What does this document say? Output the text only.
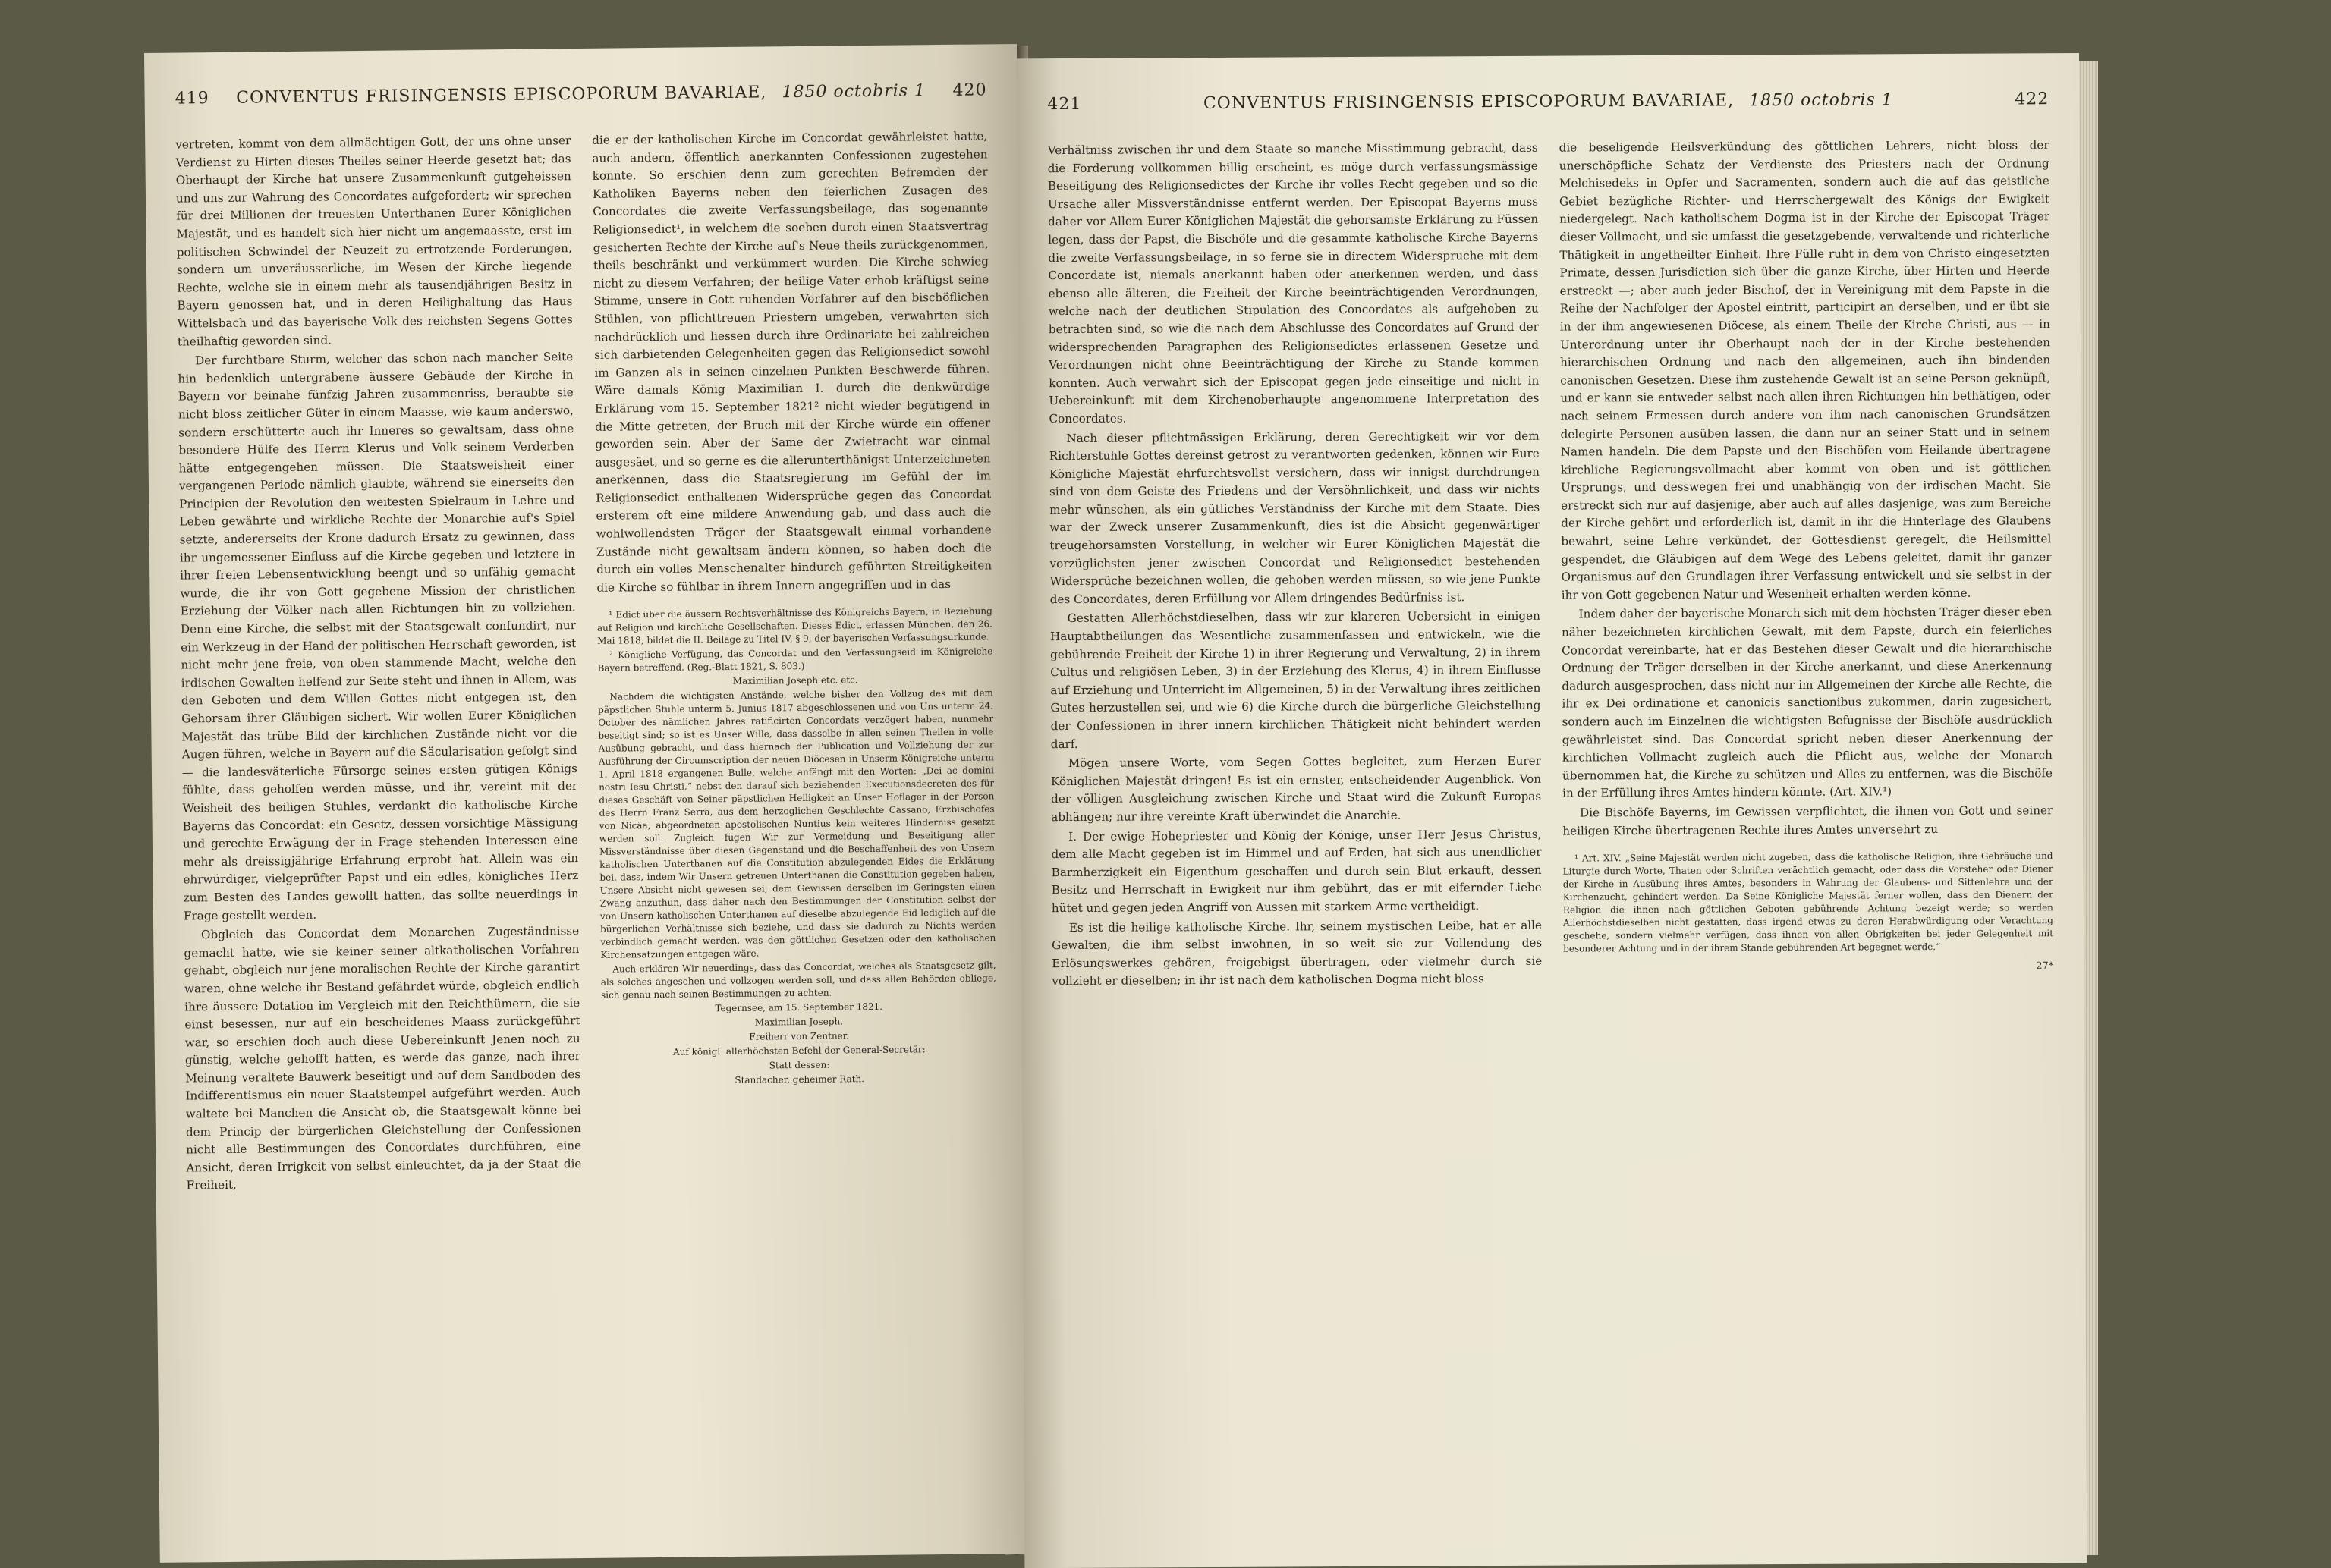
419 CONVENTUS FRISINGENSIS EPISCOPORUM BAVARIAE, 1850 octobris 1 420

vertreten, kommt von dem allmächtigen Gott, der uns ohne unser Verdienst zu Hirten dieses Theiles seiner Heerde gesetzt hat; das Oberhaupt der Kirche hat unsere Zusammenkunft gutgeheissen und uns zur Wahrung des Concordates aufgefordert; wir sprechen für drei Millionen der treuesten Unterthanen Eurer Königlichen Majestät, und es handelt sich hier nicht um angemaasste, erst im politischen Schwindel der Neuzeit zu ertrotzende Forderungen, sondern um unveräusserliche, im Wesen der Kirche liegende Rechte, welche sie in einem mehr als tausendjährigen Besitz in Bayern genossen hat, und in deren Heilighaltung das Haus Wittelsbach und das bayerische Volk des reichsten Segens Gottes theilhaftig geworden sind.

Der furchtbare Sturm, welcher das schon nach mancher Seite hin bedenklich untergrabene äussere Gebäude der Kirche in Bayern vor beinahe fünfzig Jahren zusammenriss, beraubte sie nicht bloss zeitlicher Güter in einem Maasse, wie kaum anderswo, sondern erschütterte auch ihr Inneres so gewaltsam, dass ohne besondere Hülfe des Herrn Klerus und Volk seinem Verderben hätte entgegengehen müssen. Die Staatsweisheit einer vergangenen Periode nämlich glaubte, während sie einerseits den Principien der Revolution den weitesten Spielraum in Lehre und Leben gewährte und wirkliche Rechte der Monarchie auf's Spiel setzte, andererseits der Krone dadurch Ersatz zu gewinnen, dass ihr ungemessener Einfluss auf die Kirche gegeben und letztere in ihrer freien Lebensentwicklung beengt und so unfähig gemacht wurde, die ihr von Gott gegebene Mission der christlichen Erziehung der Völker nach allen Richtungen hin zu vollziehen. Denn eine Kirche, die selbst mit der Staatsgewalt confundirt, nur ein Werkzeug in der Hand der politischen Herrschaft geworden, ist nicht mehr jene freie, von oben stammende Macht, welche den irdischen Gewalten helfend zur Seite steht und ihnen in Allem, was den Geboten und dem Willen Gottes nicht entgegen ist, den Gehorsam ihrer Gläubigen sichert. Wir wollen Eurer Königlichen Majestät das trübe Bild der kirchlichen Zustände nicht vor die Augen führen, welche in Bayern auf die Säcularisation gefolgt sind — die landesväterliche Fürsorge seines ersten gütigen Königs fühlte, dass geholfen werden müsse, und ihr, vereint mit der Weisheit des heiligen Stuhles, verdankt die katholische Kirche Bayerns das Concordat: ein Gesetz, dessen vorsichtige Mässigung und gerechte Erwägung der in Frage stehenden Interessen eine mehr als dreissigjährige Erfahrung erprobt hat. Allein was ein ehrwürdiger, vielgeprüfter Papst und ein edles, königliches Herz zum Besten des Landes gewollt hatten, das sollte neuerdings in Frage gestellt werden.

Obgleich das Concordat dem Monarchen Zugeständnisse gemacht hatte, wie sie keiner seiner altkatholischen Vorfahren gehabt, obgleich nur jene moralischen Rechte der Kirche garantirt waren, ohne welche ihr Bestand gefährdet würde, obgleich endlich ihre äussere Dotation im Vergleich mit den Reichthümern, die sie einst besessen, nur auf ein bescheidenes Maass zurückgeführt war, so erschien doch auch diese Uebereinkunft Jenen noch zu günstig, welche gehofft hatten, es werde das ganze, nach ihrer Meinung veraltete Bauwerk beseitigt und auf dem Sandboden des Indifferentismus ein neuer Staatstempel aufgeführt werden. Auch waltete bei Manchen die Ansicht ob, die Staatsgewalt könne bei dem Princip der bürgerlichen Gleichstellung der Confessionen nicht alle Bestimmungen des Concordates durchführen, eine Ansicht, deren Irrigkeit von selbst einleuchtet, da ja der Staat die Freiheit,

die er der katholischen Kirche im Concordat gewährleistet hatte, auch andern, öffentlich anerkannten Confessionen zugestehen konnte. So erschien denn zum gerechten Befremden der Katholiken Bayerns neben den feierlichen Zusagen des Concordates die zweite Verfassungsbeilage, das sogenannte Religionsedict¹, in welchem die soeben durch einen Staatsvertrag gesicherten Rechte der Kirche auf's Neue theils zurückgenommen, theils beschränkt und verkümmert wurden. Die Kirche schwieg nicht zu diesem Verfahren; der heilige Vater erhob kräftigst seine Stimme, unsere in Gott ruhenden Vorfahrer auf den bischöflichen Stühlen, von pflichttreuen Priestern umgeben, verwahrten sich nachdrücklich und liessen durch ihre Ordinariate bei zahlreichen sich darbietenden Gelegenheiten gegen das Religionsedict sowohl im Ganzen als in seinen einzelnen Punkten Beschwerde führen. Wäre damals König Maximilian I. durch die denkwürdige Erklärung vom 15. September 1821² nicht wieder begütigend in die Mitte getreten, der Bruch mit der Kirche würde ein offener geworden sein. Aber der Same der Zwietracht war einmal ausgesäet, und so gerne es die allerunterthänigst Unterzeichneten anerkennen, dass die Staatsregierung im Gefühl der im Religionsedict enthaltenen Widersprüche gegen das Concordat ersterem oft eine mildere Anwendung gab, und dass auch die wohlwollendsten Träger der Staatsgewalt einmal vorhandene Zustände nicht gewaltsam ändern können, so haben doch die durch ein volles Menschenalter hindurch geführten Streitigkeiten die Kirche so fühlbar in ihrem Innern angegriffen und in das

¹ Edict über die äussern Rechtsverhältnisse des Königreichs Bayern, in Beziehung auf Religion und kirchliche Gesellschaften. Dieses Edict, erlassen München, den 26. Mai 1818, bildet die II. Beilage zu Titel IV, § 9, der bayerischen Verfassungsurkunde.

² Königliche Verfügung, das Concordat und den Verfassungseid im Königreiche Bayern betreffend. (Reg.-Blatt 1821, S. 803.)

Maximilian Joseph etc. etc.

Nachdem die wichtigsten Anstände, welche bisher den Vollzug des mit dem päpstlichen Stuhle unterm 5. Junius 1817 abgeschlossenen und von Uns unterm 24. October des nämlichen Jahres ratificirten Concordats verzögert haben, nunmehr beseitigt sind; so ist es Unser Wille, dass dasselbe in allen seinen Theilen in volle Ausübung gebracht, und dass hiernach der Publication und Vollziehung der zur Ausführung der Circumscription der neuen Diöcesen in Unserm Königreiche unterm 1. April 1818 ergangenen Bulle, welche anfängt mit den Worten: „Dei ac domini nostri Iesu Christi,“ nebst den darauf sich beziehenden Executionsdecreten des für dieses Geschäft von Seiner päpstlichen Heiligkeit an Unser Hoflager in der Person des Herrn Franz Serra, aus dem herzoglichen Geschlechte Cassano, Erzbischofes von Nicäa, abgeordneten apostolischen Nuntius kein weiteres Hinderniss gesetzt werden soll. Zugleich fügen Wir zur Vermeidung und Beseitigung aller Missverständnisse über diesen Gegenstand und die Beschaffenheit des von Unsern katholischen Unterthanen auf die Constitution abzulegenden Eides die Erklärung bei, dass, indem Wir Unsern getreuen Unterthanen die Constitution gegeben haben, Unsere Absicht nicht gewesen sei, dem Gewissen derselben im Geringsten einen Zwang anzuthun, dass daher nach den Bestimmungen der Constitution selbst der von Unsern katholischen Unterthanen auf dieselbe abzulegende Eid lediglich auf die bürgerlichen Verhältnisse sich beziehe, und dass sie dadurch zu Nichts werden verbindlich gemacht werden, was den göttlichen Gesetzen oder den katholischen Kirchensatzungen entgegen wäre.

Auch erklären Wir neuerdings, dass das Concordat, welches als Staatsgesetz gilt, als solches angesehen und vollzogen werden soll, und dass allen Behörden obliege, sich genau nach seinen Bestimmungen zu achten.

Tegernsee, am 15. September 1821.

Maximilian Joseph.

Freiherr von Zentner.

Auf königl. allerhöchsten Befehl der General-Secretär:

Statt dessen:

Standacher, geheimer Rath.

421	CONVENTUS FRISINGENSIS EPISCOPORUM BAVARIAE, 1850 octobris 1	422

Verhältniss zwischen ihr und dem Staate so manche Misstimmung gebracht, dass die Forderung vollkommen billig erscheint, es möge durch verfassungsmässige Beseitigung des Religionsedictes der Kirche ihr volles Recht gegeben und so die Ursache aller Missverständnisse entfernt werden. Der Episcopat Bayerns muss daher vor Allem Eurer Königlichen Majestät die gehorsamste Erklärung zu Füssen legen, dass der Papst, die Bischöfe und die gesammte katholische Kirche Bayerns die zweite Verfassungsbeilage, in so ferne sie in directem Widerspruche mit dem Concordate ist, niemals anerkannt haben oder anerkennen werden, und dass ebenso alle älteren, die Freiheit der Kirche beeinträchtigenden Verordnungen, welche nach der deutlichen Stipulation des Concordates als aufgehoben zu betrachten sind, so wie die nach dem Abschlusse des Concordates auf Grund der widersprechenden Paragraphen des Religionsedictes erlassenen Gesetze und Verordnungen nicht ohne Beeinträchtigung der Kirche zu Stande kommen konnten. Auch verwahrt sich der Episcopat gegen jede einseitige und nicht in Uebereinkunft mit dem Kirchenoberhaupte angenommene Interpretation des Concordates.

Nach dieser pflichtmässigen Erklärung, deren Gerechtigkeit wir vor dem Richterstuhle Gottes dereinst getrost zu verantworten gedenken, können wir Eure Königliche Majestät ehrfurchtsvollst versichern, dass wir innigst durchdrungen sind von dem Geiste des Friedens und der Versöhnlichkeit, und dass wir nichts mehr wünschen, als ein gütliches Verständniss der Kirche mit dem Staate. Dies war der Zweck unserer Zusammenkunft, dies ist die Absicht gegenwärtiger treugehorsamsten Vorstellung, in welcher wir Eurer Königlichen Majestät die vorzüglichsten jener zwischen Concordat und Religionsedict bestehenden Widersprüche bezeichnen wollen, die gehoben werden müssen, so wie jene Punkte des Concordates, deren Erfüllung vor Allem dringendes Bedürfniss ist.

Gestatten Allerhöchstdieselben, dass wir zur klareren Uebersicht in einigen Hauptabtheilungen das Wesentliche zusammenfassen und entwickeln, wie die gebührende Freiheit der Kirche 1) in ihrer Regierung und Verwaltung, 2) in ihrem Cultus und religiösen Leben, 3) in der Erziehung des Klerus, 4) in ihrem Einflusse auf Erziehung und Unterricht im Allgemeinen, 5) in der Verwaltung ihres zeitlichen Gutes herzustellen sei, und wie 6) die Kirche durch die bürgerliche Gleichstellung der Confessionen in ihrer innern kirchlichen Thätigkeit nicht behindert werden darf.

Mögen unsere Worte, vom Segen Gottes begleitet, zum Herzen Eurer Königlichen Majestät dringen! Es ist ein ernster, entscheidender Augenblick. Von der völligen Ausgleichung zwischen Kirche und Staat wird die Zukunft Europas abhängen; nur ihre vereinte Kraft überwindet die Anarchie.

I. Der ewige Hohepriester und König der Könige, unser Herr Jesus Christus, dem alle Macht gegeben ist im Himmel und auf Erden, hat sich aus unendlicher Barmherzigkeit ein Eigenthum geschaffen und durch sein Blut erkauft, dessen Besitz und Herrschaft in Ewigkeit nur ihm gebührt, das er mit eifernder Liebe hütet und gegen jeden Angriff von Aussen mit starkem Arme vertheidigt.

Es ist die heilige katholische Kirche. Ihr, seinem mystischen Leibe, hat er alle Gewalten, die ihm selbst inwohnen, in so weit sie zur Vollendung des Erlösungswerkes gehören, freigebigst übertragen, oder vielmehr durch sie vollzieht er dieselben; in ihr ist nach dem katholischen Dogma nicht bloss

die beseligende Heilsverkündung des göttlichen Lehrers, nicht bloss der unerschöpfliche Schatz der Verdienste des Priesters nach der Ordnung Melchisedeks in Opfer und Sacramenten, sondern auch die auf das geistliche Gebiet bezügliche Richter- und Herrschergewalt des Königs der Ewigkeit niedergelegt. Nach katholischem Dogma ist in der Kirche der Episcopat Träger dieser Vollmacht, und sie umfasst die gesetzgebende, verwaltende und richterliche Thätigkeit in ungetheilter Einheit. Ihre Fülle ruht in dem von Christo eingesetzten Primate, dessen Jurisdiction sich über die ganze Kirche, über Hirten und Heerde erstreckt —; aber auch jeder Bischof, der in Vereinigung mit dem Papste in die Reihe der Nachfolger der Apostel eintritt, participirt an derselben, und er übt sie in der ihm angewiesenen Diöcese, als einem Theile der Kirche Christi, aus — in Unterordnung unter ihr Oberhaupt nach der in der Kirche bestehenden hierarchischen Ordnung und nach den allgemeinen, auch ihn bindenden canonischen Gesetzen. Diese ihm zustehende Gewalt ist an seine Person geknüpft, und er kann sie entweder selbst nach allen ihren Richtungen hin bethätigen, oder nach seinem Ermessen durch andere von ihm nach canonischen Grundsätzen delegirte Personen ausüben lassen, die dann nur an seiner Statt und in seinem Namen handeln. Die dem Papste und den Bischöfen vom Heilande übertragene kirchliche Regierungsvollmacht aber kommt von oben und ist göttlichen Ursprungs, und desswegen frei und unabhängig von der irdischen Macht. Sie erstreckt sich nur auf dasjenige, aber auch auf alles dasjenige, was zum Bereiche der Kirche gehört und erforderlich ist, damit in ihr die Hinterlage des Glaubens bewahrt, seine Lehre verkündet, der Gottesdienst geregelt, die Heilsmittel gespendet, die Gläubigen auf dem Wege des Lebens geleitet, damit ihr ganzer Organismus auf den Grundlagen ihrer Verfassung entwickelt und sie selbst in der ihr von Gott gegebenen Natur und Wesenheit erhalten werden könne.

Indem daher der bayerische Monarch sich mit dem höchsten Träger dieser eben näher bezeichneten kirchlichen Gewalt, mit dem Papste, durch ein feierliches Concordat vereinbarte, hat er das Bestehen dieser Gewalt und die hierarchische Ordnung der Träger derselben in der Kirche anerkannt, und diese Anerkennung dadurch ausgesprochen, dass nicht nur im Allgemeinen der Kirche alle Rechte, die ihr ex Dei ordinatione et canonicis sanctionibus zukommen, darin zugesichert, sondern auch im Einzelnen die wichtigsten Befugnisse der Bischöfe ausdrücklich gewährleistet sind. Das Concordat spricht neben dieser Anerkennung der kirchlichen Vollmacht zugleich auch die Pflicht aus, welche der Monarch übernommen hat, die Kirche zu schützen und Alles zu entfernen, was die Bischöfe in der Erfüllung ihres Amtes hindern könnte. (Art. XIV.¹)

Die Bischöfe Bayerns, im Gewissen verpflichtet, die ihnen von Gott und seiner heiligen Kirche übertragenen Rechte ihres Amtes unversehrt zu

¹ Art. XIV. „Seine Majestät werden nicht zugeben, dass die katholische Religion, ihre Gebräuche und Liturgie durch Worte, Thaten oder Schriften verächtlich gemacht, oder dass die Vorsteher oder Diener der Kirche in Ausübung ihres Amtes, besonders in Wahrung der Glaubens- und Sittenlehre und der Kirchenzucht, gehindert werden. Da Seine Königliche Majestät ferner wollen, dass den Dienern der Religion die ihnen nach göttlichen Geboten gebührende Achtung bezeigt werde; so werden Allerhöchstdieselben nicht gestatten, dass irgend etwas zu deren Herabwürdigung oder Verachtung geschehe, sondern vielmehr verfügen, dass ihnen von allen Obrigkeiten bei jeder Gelegenheit mit besonderer Achtung und in der ihrem Stande gebührenden Art begegnet werde.“

27*
